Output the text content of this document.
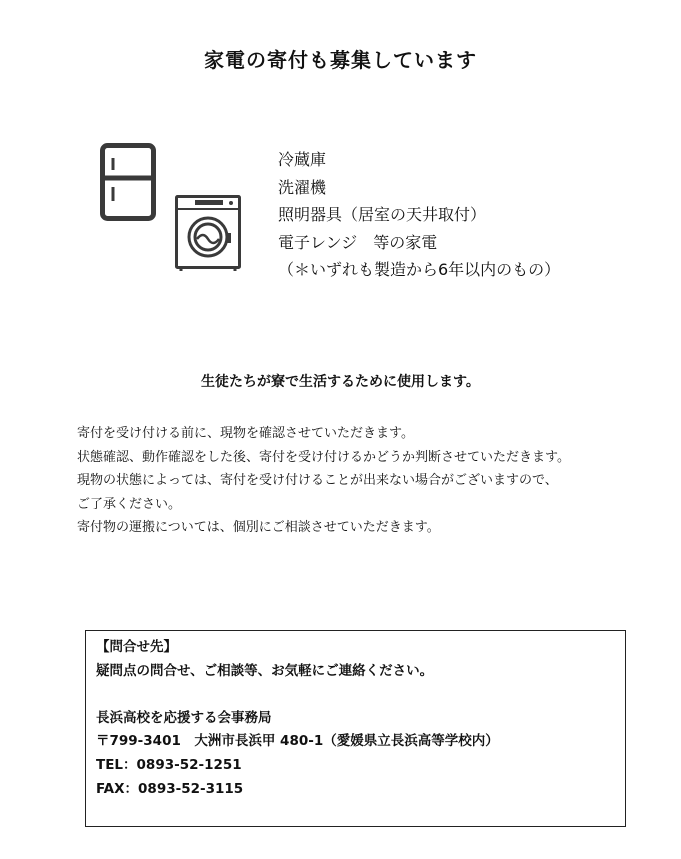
家電の寄付も募集しています
冷蔵庫
洗濯機
照明器具（居室の天井取付）
電子レンジ　等の家電
（＊いずれも製造から6年以内のもの）
生徒たちが寮で生活するために使用します。
寄付を受け付ける前に、現物を確認させていただきます。
状態確認、動作確認をした後、寄付を受け付けるかどうか判断させていただきます。
現物の状態によっては、寄付を受け付けることが出来ない場合がございますので、
ご了承ください。
寄付物の運搬については、個別にご相談させていただきます。
【問合せ先】
疑問点の問合せ、ご相談等、お気軽にご連絡ください。
長浜高校を応援する会事務局
〒799-3401　大洲市長浜甲 480-1（愛媛県立長浜高等学校内）
TEL：0893-52-1251
FAX：0893-52-3115
